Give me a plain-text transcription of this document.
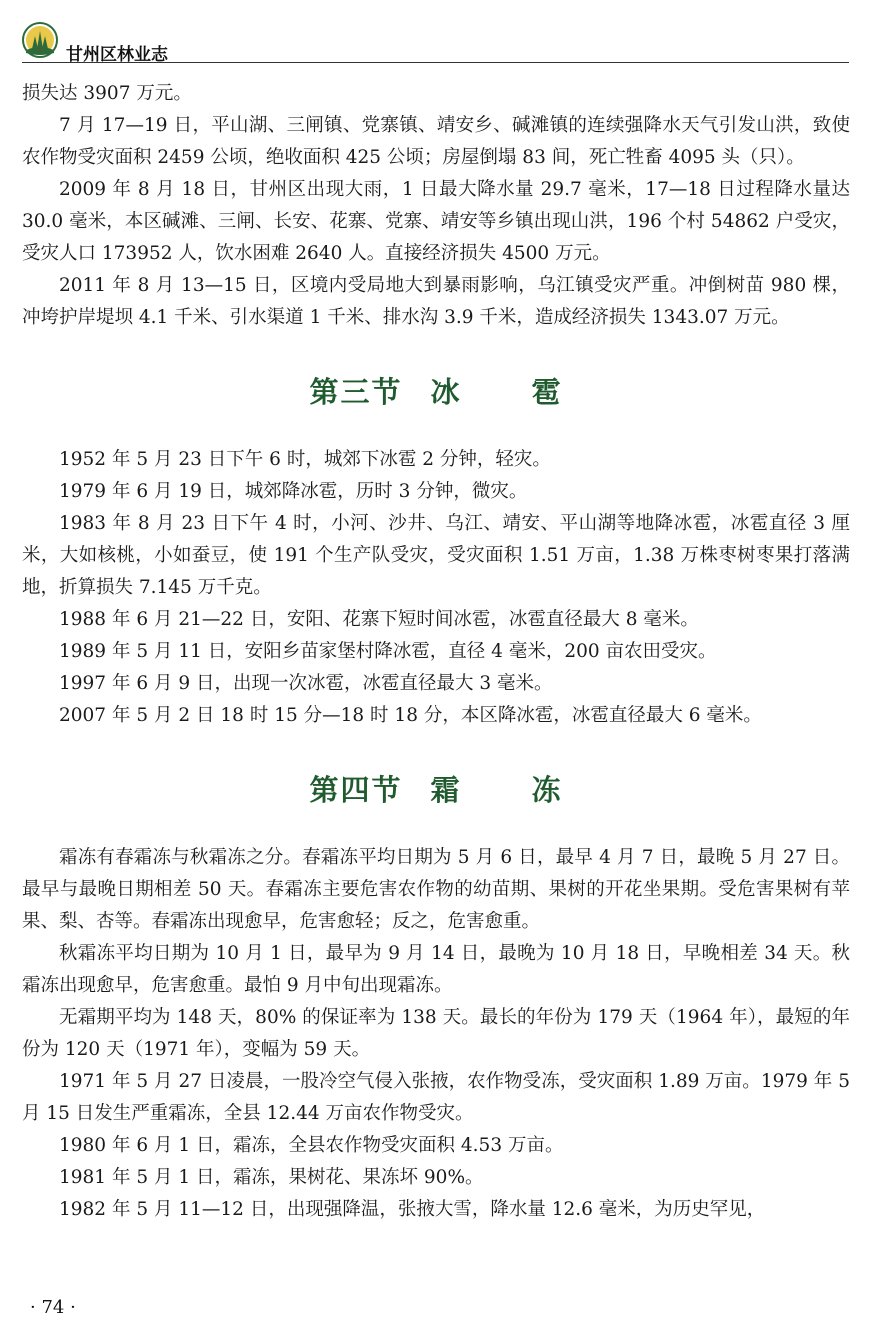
甘州区林业志

损失达 3907 万元。

7 月 17—19 日，平山湖、三闸镇、党寨镇、靖安乡、碱滩镇的连续强降水天气引发山洪，致使农作物受灾面积 2459 公顷，绝收面积 425 公顷；房屋倒塌 83 间，死亡牲畜 4095 头（只）。

2009 年 8 月 18 日，甘州区出现大雨，1 日最大降水量 29.7 毫米，17—18 日过程降水量达 30.0 毫米，本区碱滩、三闸、长安、花寨、党寨、靖安等乡镇出现山洪，196 个村 54862 户受灾，受灾人口 173952 人，饮水困难 2640 人。直接经济损失 4500 万元。

2011 年 8 月 13—15 日，区境内受局地大到暴雨影响，乌江镇受灾严重。冲倒树苗 980 棵，冲垮护岸堤坝 4.1 千米、引水渠道 1 千米、排水沟 3.9 千米，造成经济损失 1343.07 万元。

第三节 冰 雹

1952 年 5 月 23 日下午 6 时，城郊下冰雹 2 分钟，轻灾。

1979 年 6 月 19 日，城郊降冰雹，历时 3 分钟，微灾。

1983 年 8 月 23 日下午 4 时，小河、沙井、乌江、靖安、平山湖等地降冰雹，冰雹直径 3 厘米，大如核桃，小如蚕豆，使 191 个生产队受灾，受灾面积 1.51 万亩，1.38 万株枣树枣果打落满地，折算损失 7.145 万千克。

1988 年 6 月 21—22 日，安阳、花寨下短时间冰雹，冰雹直径最大 8 毫米。

1989 年 5 月 11 日，安阳乡苗家堡村降冰雹，直径 4 毫米，200 亩农田受灾。

1997 年 6 月 9 日，出现一次冰雹，冰雹直径最大 3 毫米。

2007 年 5 月 2 日 18 时 15 分—18 时 18 分，本区降冰雹，冰雹直径最大 6 毫米。

第四节 霜 冻

霜冻有春霜冻与秋霜冻之分。春霜冻平均日期为 5 月 6 日，最早 4 月 7 日，最晚 5 月 27 日。最早与最晚日期相差 50 天。春霜冻主要危害农作物的幼苗期、果树的开花坐果期。受危害果树有苹果、梨、杏等。春霜冻出现愈早，危害愈轻；反之，危害愈重。

秋霜冻平均日期为 10 月 1 日，最早为 9 月 14 日，最晚为 10 月 18 日，早晚相差 34 天。秋霜冻出现愈早，危害愈重。最怕 9 月中旬出现霜冻。

无霜期平均为 148 天，80% 的保证率为 138 天。最长的年份为 179 天（1964 年），最短的年份为 120 天（1971 年），变幅为 59 天。

1971 年 5 月 27 日凌晨，一股冷空气侵入张掖，农作物受冻，受灾面积 1.89 万亩。1979 年 5 月 15 日发生严重霜冻，全县 12.44 万亩农作物受灾。

1980 年 6 月 1 日，霜冻，全县农作物受灾面积 4.53 万亩。

1981 年 5 月 1 日，霜冻，果树花、果冻坏 90%。

1982 年 5 月 11—12 日，出现强降温，张掖大雪，降水量 12.6 毫米，为历史罕见，

· 74 ·
